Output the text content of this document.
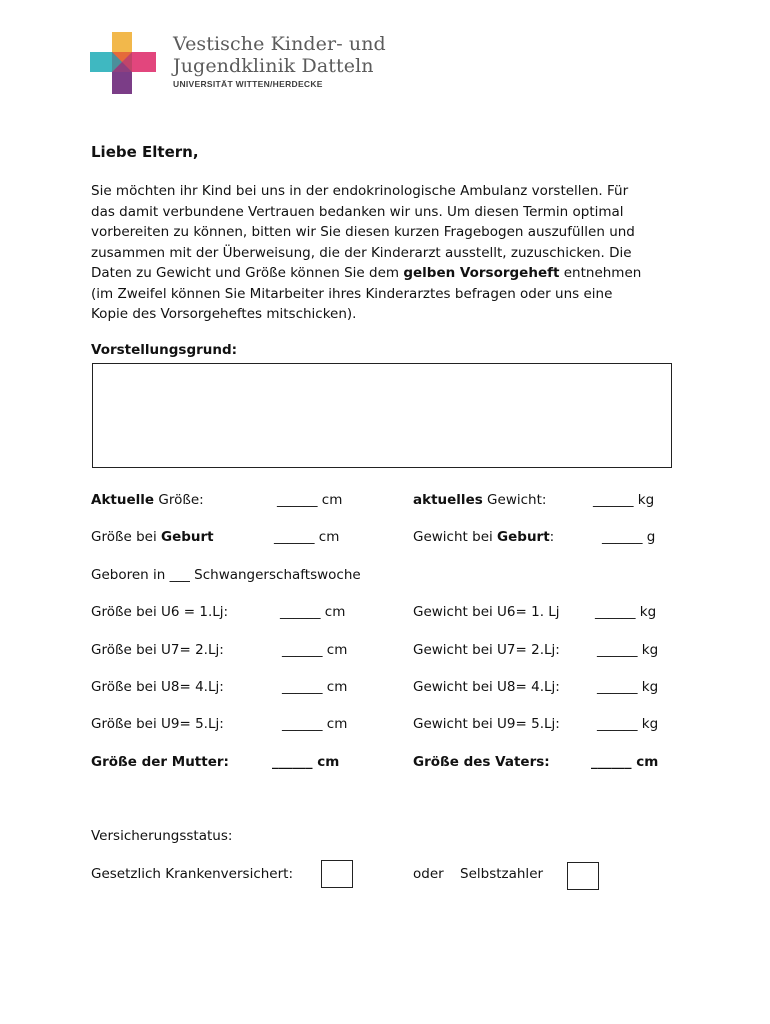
Vestische Kinder- und
Jugendklinik Datteln
UNIVERSITÄT WITTEN/HERDECKE
Liebe Eltern,
Sie möchten ihr Kind bei uns in der endokrinologische Ambulanz vorstellen. Für
das damit verbundene Vertrauen bedanken wir uns. Um diesen Termin optimal
vorbereiten zu können, bitten wir Sie diesen kurzen Fragebogen auszufüllen und
zusammen mit der Überweisung, die der Kinderarzt ausstellt, zuzuschicken. Die
Daten zu Gewicht und Größe können Sie dem gelben Vorsorgeheft entnehmen
(im Zweifel können Sie Mitarbeiter ihres Kinderarztes befragen oder uns eine
Kopie des Vorsorgeheftes mitschicken).
Vorstellungsgrund:
Aktuelle Größe:	______ cm	aktuelles Gewicht:	______ kg
Größe bei Geburt	______ cm	Gewicht bei Geburt:	______ g
Geboren in ___ Schwangerschaftswoche
Größe bei U6 = 1.Lj:	______ cm	Gewicht bei U6= 1. Lj	______ kg
Größe bei U7= 2.Lj:	______ cm	Gewicht bei U7= 2.Lj:	______ kg
Größe bei U8= 4.Lj:	______ cm	Gewicht bei U8= 4.Lj:	______ kg
Größe bei U9= 5.Lj:	______ cm	Gewicht bei U9= 5.Lj:	______ kg
Größe der Mutter:	______ cm	Größe des Vaters:	______ cm
Versicherungsstatus:
Gesetzlich Krankenversichert:	oder Selbstzahler
